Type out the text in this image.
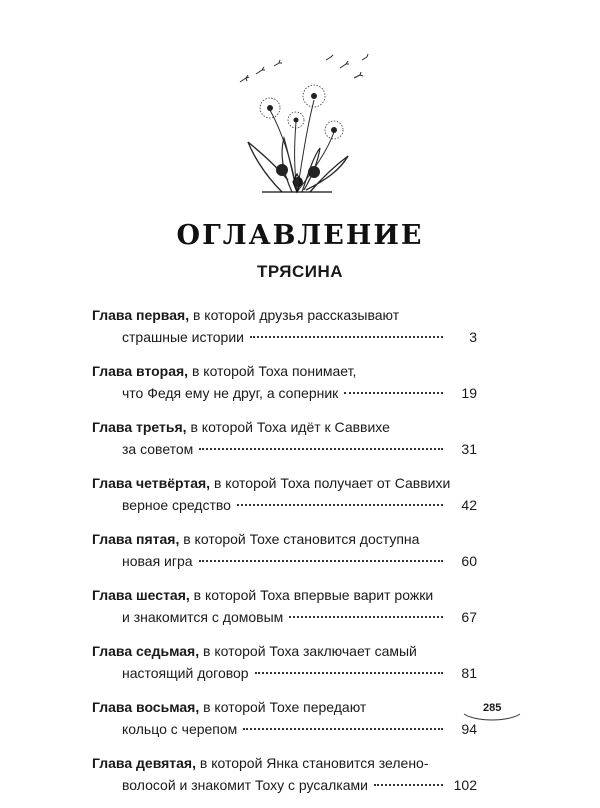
ОГЛАВЛЕНИЕ
ТРЯСИНА
Глава первая, в которой друзья рассказывают
страшные истории	3
Глава вторая, в которой Тоха понимает,
что Федя ему не друг, а соперник	19
Глава третья, в которой Тоха идёт к Саввихе
за советом	31
Глава четвёртая, в которой Тоха получает от Саввихи
верное средство	42
Глава пятая, в которой Тохе становится доступна
новая игра	60
Глава шестая, в которой Тоха впервые варит рожки
и знакомится с домовым	67
Глава седьмая, в которой Тоха заключает самый
настоящий договор	81
Глава восьмая, в которой Тохе передают
кольцо с черепом	94
Глава девятая, в которой Янка становится зелено-
волосой и знакомит Тоху с русалками	102
285
